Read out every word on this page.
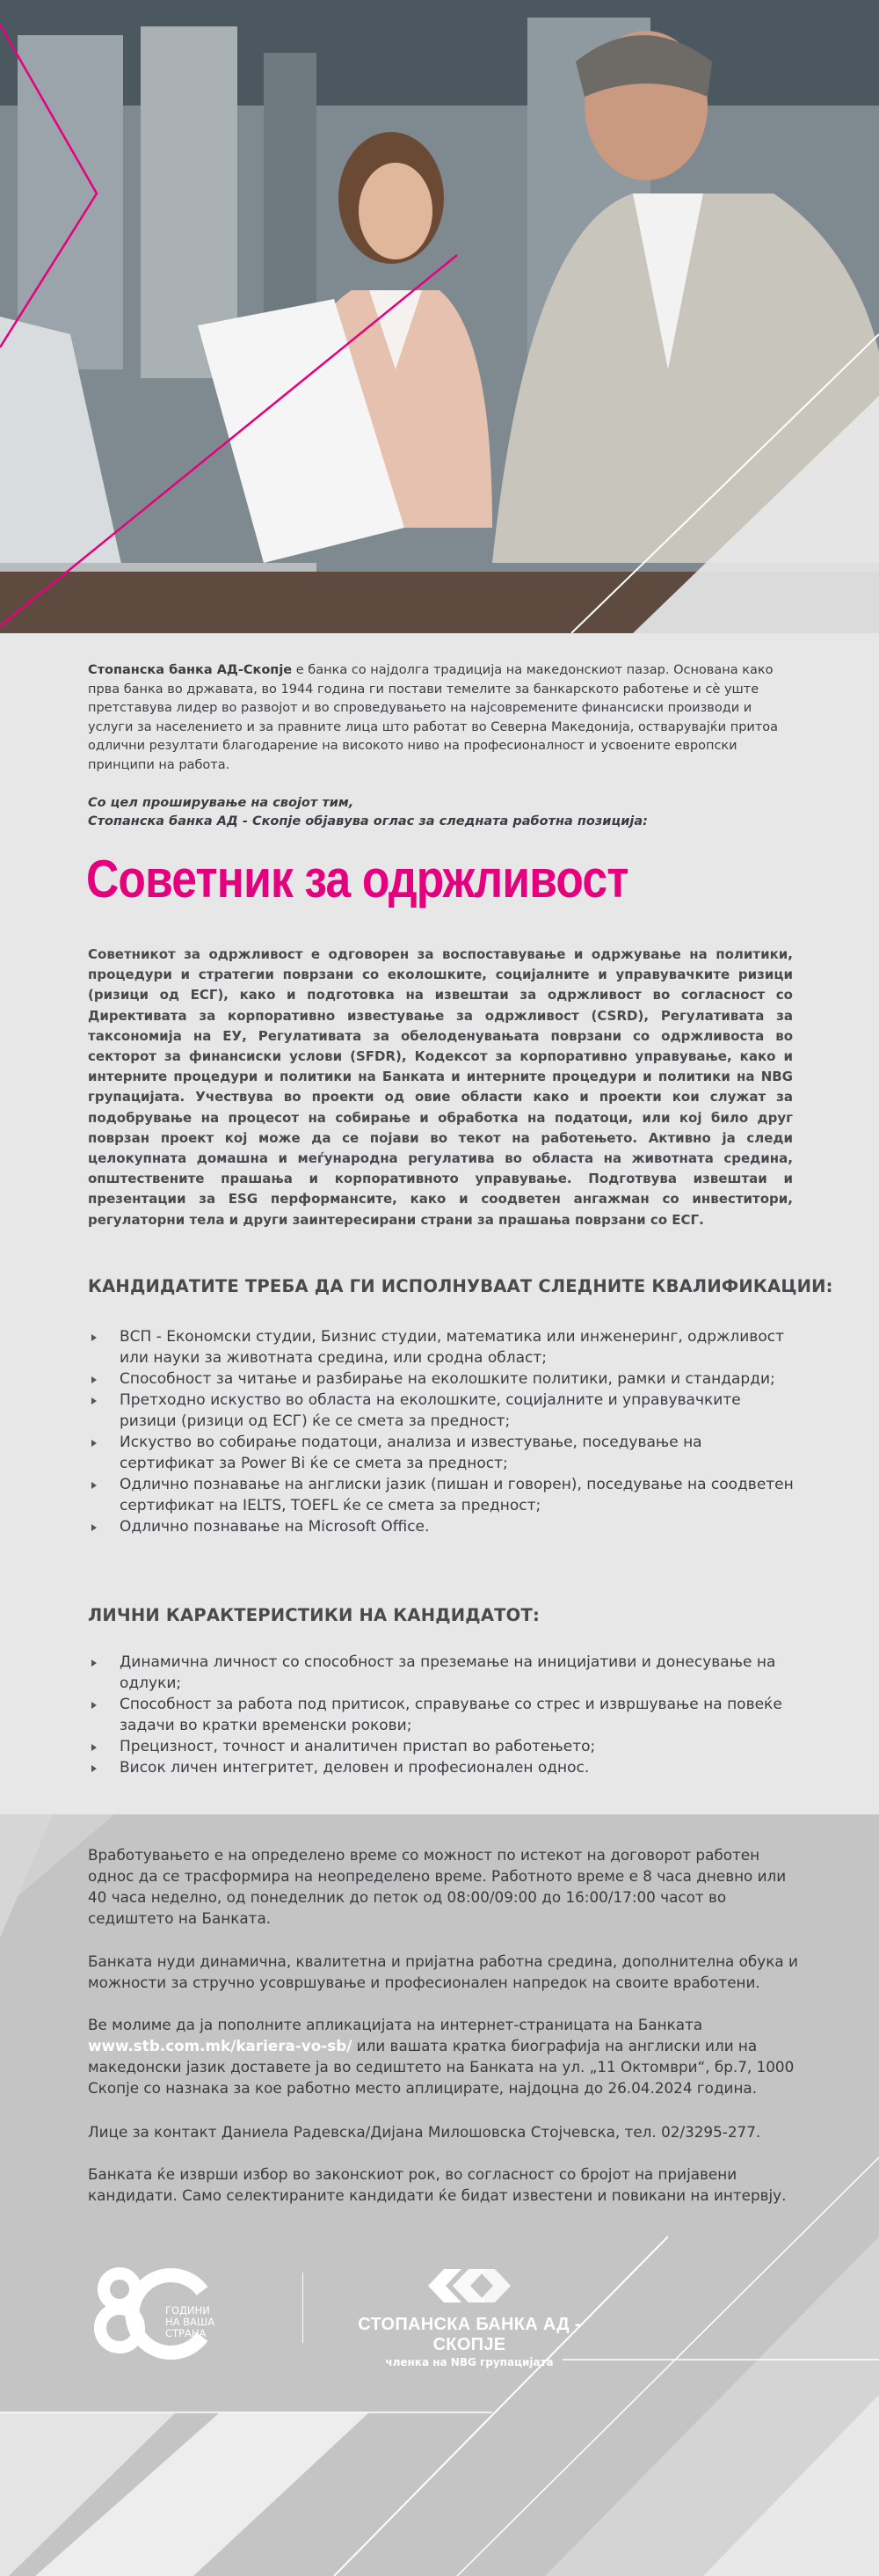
Стопанска банка АД-Скопје е банка со најдолга традиција на македонскиот пазар. Основана како прва банка во државата, во 1944 година ги постави темелите за банкарското работење и сè уште претставува лидер во развојот и во спроведувањето на најсовремените финансиски производи и услуги за населението и за правните лица што работат во Северна Македонија, остварувајќи притоа одлични резултати благодарение на високото ниво на професионалност и усвоените европски принципи на работа.
Со цел проширување на својот тим,
Стопанска банка АД - Скопје објавува оглас за следната работна позиција:
Советник за одржливост
Советникот за одржливост е одговорен за воспоставување и одржување на политики, процедури и стратегии поврзани со еколошките, социјалните и управувачките ризици (ризици од ЕСГ), како и подготовка на извештаи за одржливост во согласност со Директивата за корпоративно известување за одржливост (CSRD), Регулативата за таксономија на ЕУ, Регулативата за обелоденувањата поврзани со одржливоста во секторот за финансиски услови (SFDR), Кодексот за корпоративно управување, како и интерните процедури и политики на Банката и интерните процедури и политики на NBG групацијата. Учествува во проекти од овие области како и проекти кои служат за подобрување на процесот на собирање и обработка на податоци, или кој било друг поврзан проект кој може да се појави во текот на работењето. Активно ја следи целокупната домашна и меѓународна регулатива во областа на животната средина, општествените прашања и корпоративното управување. Подготвува извештаи и презентации за ESG перформансите, како и соодветен ангажман со инвеститори, регулаторни тела и други заинтересирани страни за прашања поврзани со ЕСГ.
КАНДИДАТИТЕ ТРЕБА ДА ГИ ИСПОЛНУВААТ СЛЕДНИТЕ КВАЛИФИКАЦИИ:
ВСП - Економски студии, Бизнис студии, математика или инженеринг, одржливост или науки за животната средина, или сродна област;
Способност за читање и разбирање на еколошките политики, рамки и стандарди;
Претходно искуство во областа на еколошките, социјалните и управувачките ризици (ризици од ЕСГ) ќе се смета за предност;
Искуство во собирање податоци, анализа и известување, поседување на сертификат за Power Bi ќе се смета за предност;
Одлично познавање на англиски јазик (пишан и говорен), поседување на соодветен сертификат на IELTS, TOEFL ќе се смета за предност;
Одлично познавање на Microsoft Office.
ЛИЧНИ КАРАКТЕРИСТИКИ НА КАНДИДАТОТ:
Динамична личност со способност за преземање на иницијативи и донесување на одлуки;
Способност за работа под притисок, справување со стрес и извршување на повеќе задачи во кратки временски рокови;
Прецизност, точност и аналитичен пристап во работењето;
Висок личен интегритет, деловен и професионален однос.
Вработувањето е на определено време со можност по истекот на договорот работен однос да се трасформира на неопределено време. Работното време е 8 часа дневно или 40 часа неделно, од понеделник до петок од 08:00/09:00 до 16:00/17:00 часот во седиштето на Банката.
Банката нуди динамична, квалитетна и пријатна работна средина, дополнителна обука и можности за стручно усовршување и професионален напредок на своите вработени.
Ве молиме да ја пополните апликацијата на интернет-страницата на Банката www.stb.com.mk/kariera-vo-sb/ или вашата кратка биографија на англиски или на македонски јазик доставете ја во седиштето на Банката на ул. „11 Октомври“, бр.7, 1000 Скопје со назнака за кое работно место аплицирате, најдоцна до 26.04.2024 година.
Лице за контакт Даниела Радевска/Дијана Милошовска Стојчевска, тел. 02/3295-277.
Банката ќе изврши избор во законскиот рок, во согласност со бројот на пријавени кандидати. Само селектираните кандидати ќе бидат известени и повикани на интервју.
ГОДИНИ
НА ВАША СТРАНА	СТОПАНСКА БАНКА АД - СКОПЈЕ
членка на NBG групацијата
